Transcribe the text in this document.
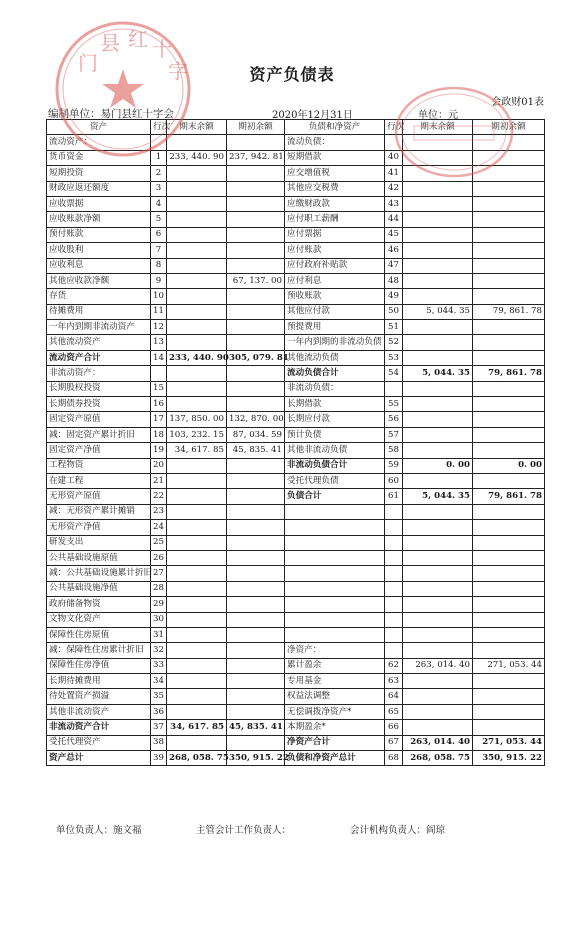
资产负债表
会政财01表
编制单位：易门县红十字会	2020年12月31日	单位：元
资产	行次	期末余额	期初余额	负债和净资产	行次	期末余额	期初余额
流动资产：				流动负债：			
货币资金	1	233, 440. 90	237, 942. 81	短期借款	40		
短期投资	2			应交增值税	41		
财政应返还额度	3			其他应交税费	42		
应收票据	4			应缴财政款	43		
应收账款净额	5			应付职工薪酬	44		
预付账款	6			应付票据	45		
应收股利	7			应付账款	46		
应收利息	8			应付政府补贴款	47		
其他应收款净额	9		67, 137. 00	应付利息	48		
存货	10			预收账款	49		
待摊费用	11			其他应付款	50	5, 044. 35	79, 861. 78
一年内到期非流动资产	12			预提费用	51		
其他流动资产	13			一年内到期的非流动负债	52		
流动资产合计	14	233, 440. 90	305, 079. 81	其他流动负债	53		
非流动资产：				流动负债合计	54	5, 044. 35	79, 861. 78
长期股权投资	15			非流动负债：			
长期债券投资	16			长期借款	55		
固定资产原值	17	137, 850. 00	132, 870. 00	长期应付款	56		
减：固定资产累计折旧	18	103, 232. 15	87, 034. 59	预计负债	57		
固定资产净值	19	34, 617. 85	45, 835. 41	其他非流动负债	58		
工程物资	20			非流动负债合计	59	0. 00	0. 00
在建工程	21			受托代理负债	60		
无形资产原值	22			负债合计	61	5, 044. 35	79, 861. 78
减：无形资产累计摊销	23						
无形资产净值	24						
研发支出	25						
公共基础设施原值	26						
减：公共基础设施累计折旧	27						
公共基础设施净值	28						
政府储备物资	29						
文物文化资产	30						
保障性住房原值	31						
减：保障性住房累计折旧	32			净资产：			
保障性住房净值	33			累计盈余	62	263, 014. 40	271, 053. 44
长期待摊费用	34			专用基金	63		
待处置资产损溢	35			权益法调整	64		
其他非流动资产	36			无偿调拨净资产*	65		
非流动资产合计	37	34, 617. 85	45, 835. 41	本期盈余*	66		
受托代理资产	38			净资产合计	67	263, 014. 40	271, 053. 44
资产总计	39	268, 058. 75	350, 915. 22	负债和净资产总计	68	268, 058. 75	350, 915. 22
单位负责人：施文福	主管会计工作负责人：	会计机构负责人：阎琼
门
县 红 十
字
